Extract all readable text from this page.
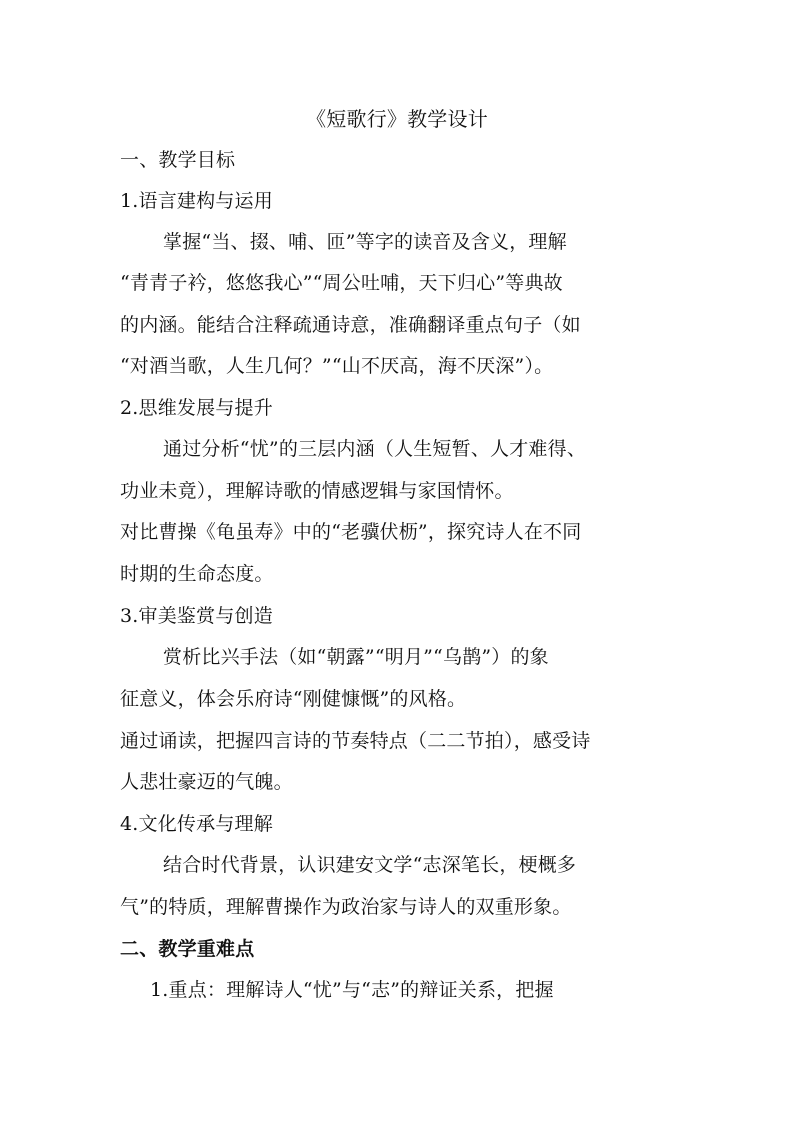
《短歌行》教学设计
一、教学目标
1.语言建构与运用
掌握“当、掇、哺、匝”等字的读音及含义，理解
“青青子衿，悠悠我心”“周公吐哺，天下归心”等典故
的内涵。能结合注释疏通诗意，准确翻译重点句子（如
“对酒当歌，人生几何？”“山不厌高，海不厌深”）。
2.思维发展与提升
通过分析“忧”的三层内涵（人生短暂、人才难得、
功业未竟），理解诗歌的情感逻辑与家国情怀。
对比曹操《龟虽寿》中的“老骥伏枥”，探究诗人在不同
时期的生命态度。
3.审美鉴赏与创造
赏析比兴手法（如“朝露”“明月”“乌鹊”）的象
征意义，体会乐府诗“刚健慷慨”的风格。
通过诵读，把握四言诗的节奏特点（二二节拍），感受诗
人悲壮豪迈的气魄。
4.文化传承与理解
结合时代背景，认识建安文学“志深笔长，梗概多
气”的特质，理解曹操作为政治家与诗人的双重形象。
二、教学重难点
1.重点：理解诗人“忧”与“志”的辩证关系，把握
